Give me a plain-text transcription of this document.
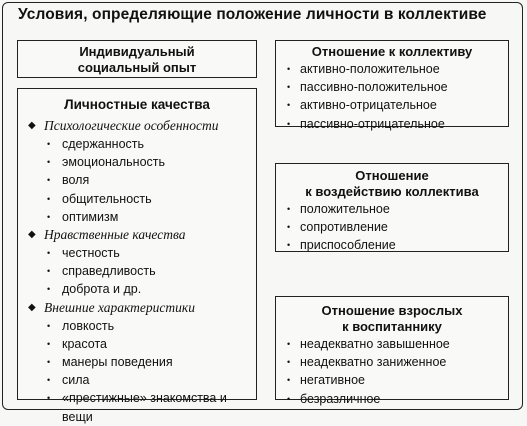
Условия, определяющие положение личности в коллективе
Индивидуальный
социальный опыт
Личностные качества
◆ Психологические особенности
• сдержанность
• эмоциональность
• воля
• общительность
• оптимизм
◆ Нравственные качества
• честность
• справедливость
• доброта и др.
◆ Внешние характеристики
• ловкость
• красота
• манеры поведения
• сила
• «престижные» знакомства и
вещи
Отношение к коллективу
• активно-положительное
• пассивно-положительное
• активно-отрицательное
• пассивно-отрицательное
Отношение
к воздействию коллектива
• положительное
• сопротивление
• приспособление
Отношение взрослых
к воспитаннику
• неадекватно завышенное
• неадекватно заниженное
• негативное
• безразличное
